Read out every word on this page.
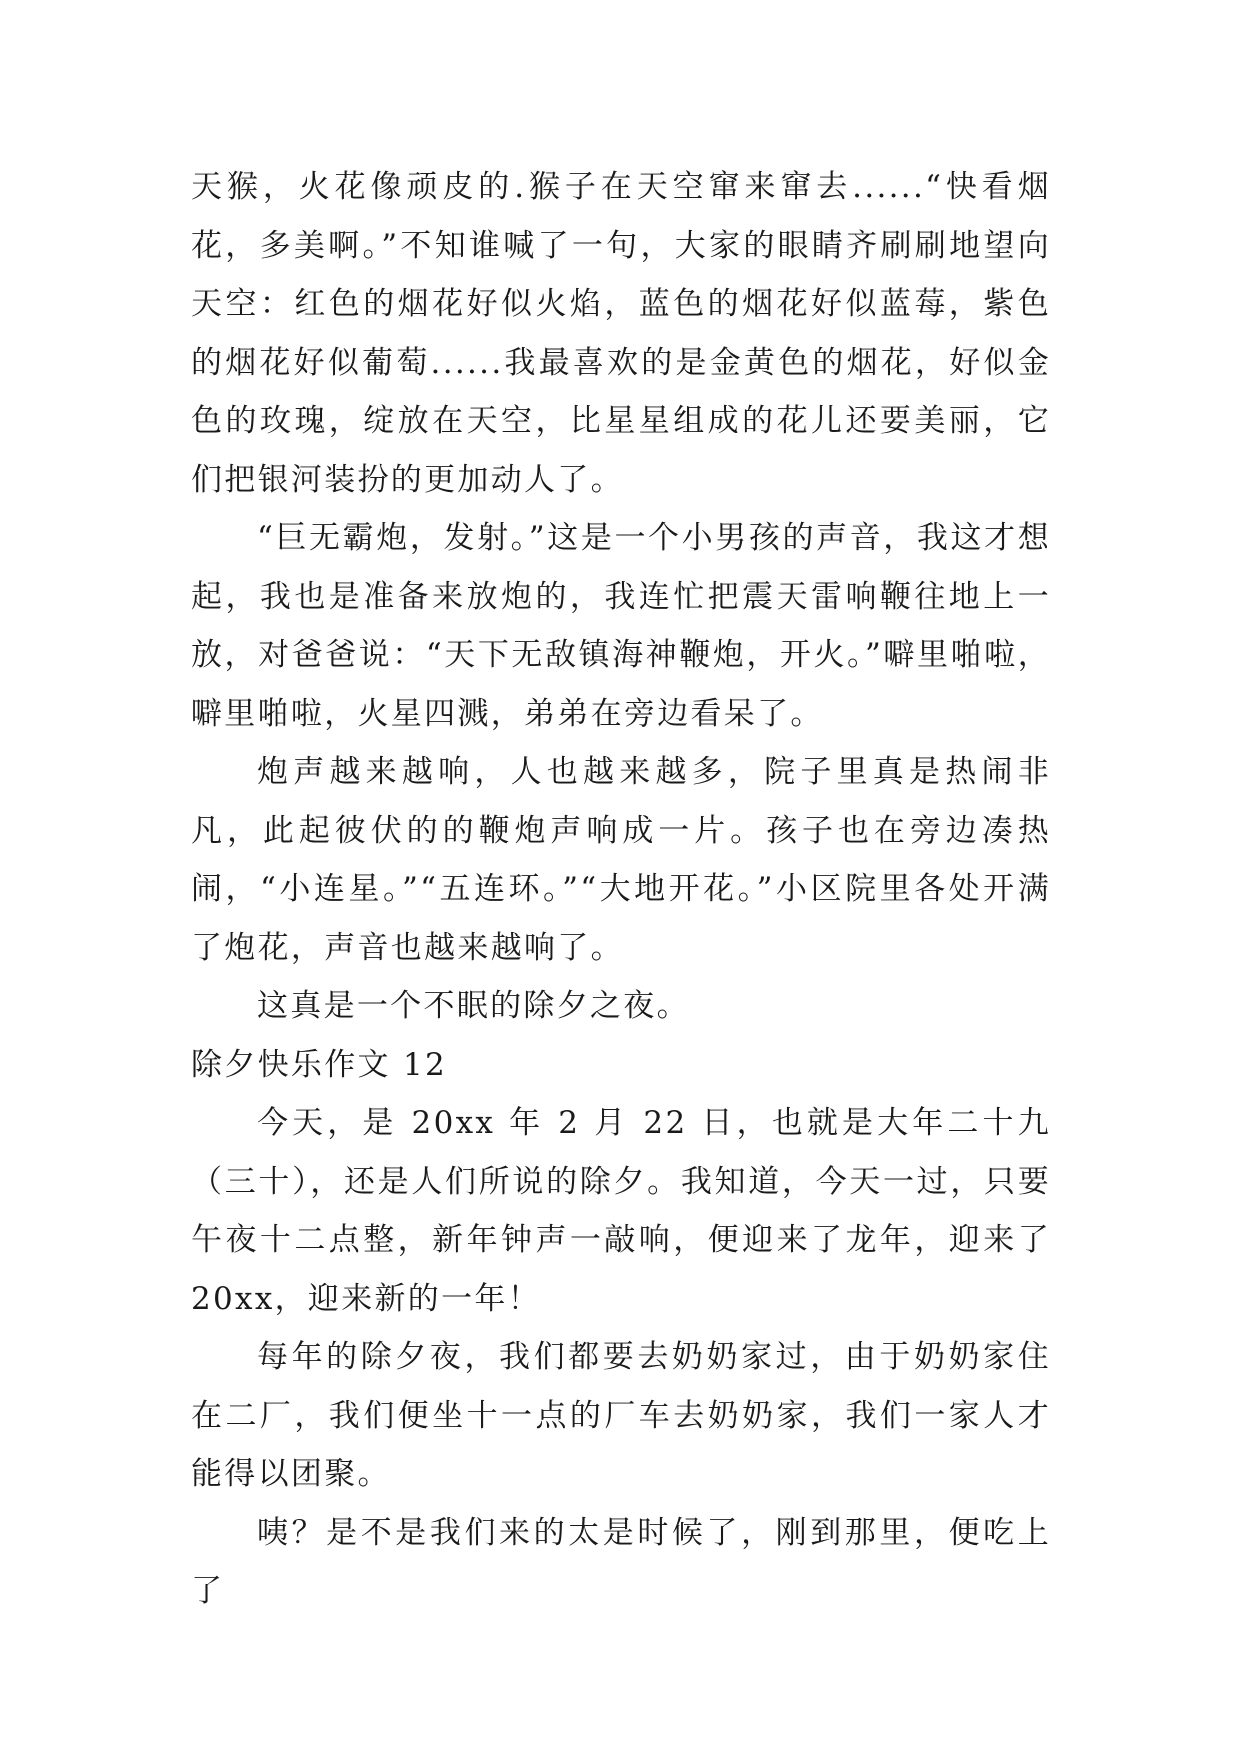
天猴，火花像顽皮的.猴子在天空窜来窜去......“快看烟花，多美啊。”不知谁喊了一句，大家的眼睛齐刷刷地望向天空：红色的烟花好似火焰，蓝色的烟花好似蓝莓，紫色的烟花好似葡萄......我最喜欢的是金黄色的烟花，好似金色的玫瑰，绽放在天空，比星星组成的花儿还要美丽，它们把银河装扮的更加动人了。

“巨无霸炮，发射。”这是一个小男孩的声音，我这才想起，我也是准备来放炮的，我连忙把震天雷响鞭往地上一放，对爸爸说：“天下无敌镇海神鞭炮，开火。”噼里啪啦，噼里啪啦，火星四溅，弟弟在旁边看呆了。

炮声越来越响，人也越来越多，院子里真是热闹非凡，此起彼伏的的鞭炮声响成一片。孩子也在旁边凑热闹，“小连星。”“五连环。”“大地开花。”小区院里各处开满了炮花，声音也越来越响了。

这真是一个不眠的除夕之夜。

除夕快乐作文 12

今天，是 20xx 年 2 月 22 日，也就是大年二十九（三十），还是人们所说的除夕。我知道，今天一过，只要午夜十二点整，新年钟声一敲响，便迎来了龙年，迎来了 20xx，迎来新的一年！

每年的除夕夜，我们都要去奶奶家过，由于奶奶家住在二厂，我们便坐十一点的厂车去奶奶家，我们一家人才能得以团聚。

咦？是不是我们来的太是时候了，刚到那里，便吃上了
